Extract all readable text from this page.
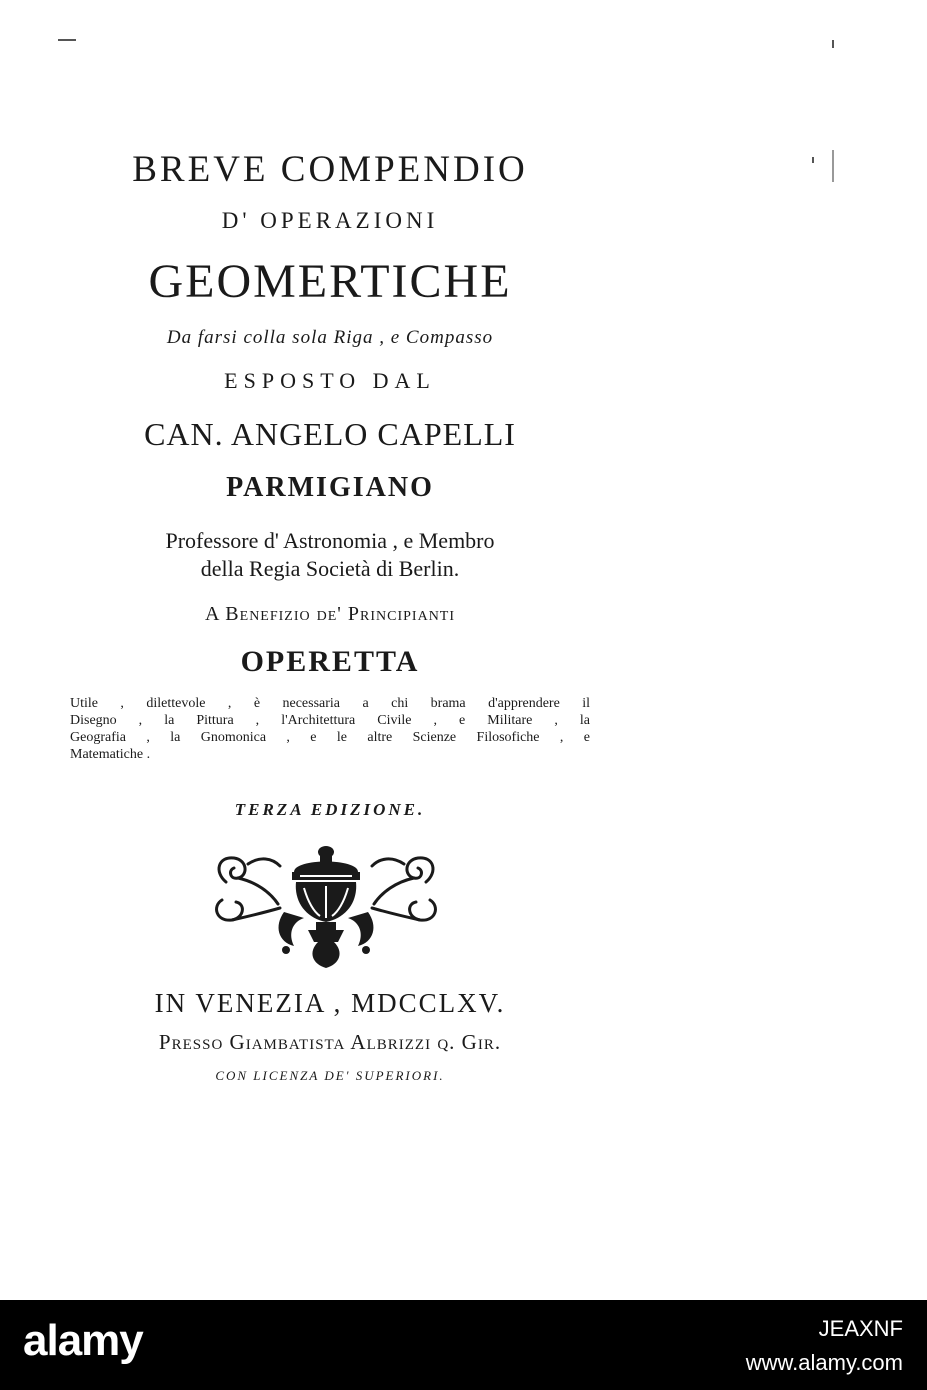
BREVE COMPENDIO
D' OPERAZIONI
GEOMERTICHE
Da farsi colla sola Riga , e Compasso
ESPOSTO DAL
CAN. ANGELO CAPELLI
PARMIGIANO
Professore d' Astronomia , e Membro
della Regia Società di Berlin.
A Benefizio de' Principianti
OPERETTA
TERZA EDIZIONE.
IN VENEZIA , MDCCLXV.
Presso Giambatista Albrizzi q. Gir.
CON LICENZA DE' SUPERIORI.
Utile , dilettevole , è necessaria a chi brama d'apprendere il
Disegno , la Pittura , l'Architettura Civile , e Militare , la
Geografia , la Gnomonica , e le altre Scienze Filosofiche , e
Matematiche .
alamy	JEAXNF
www.alamy.com
